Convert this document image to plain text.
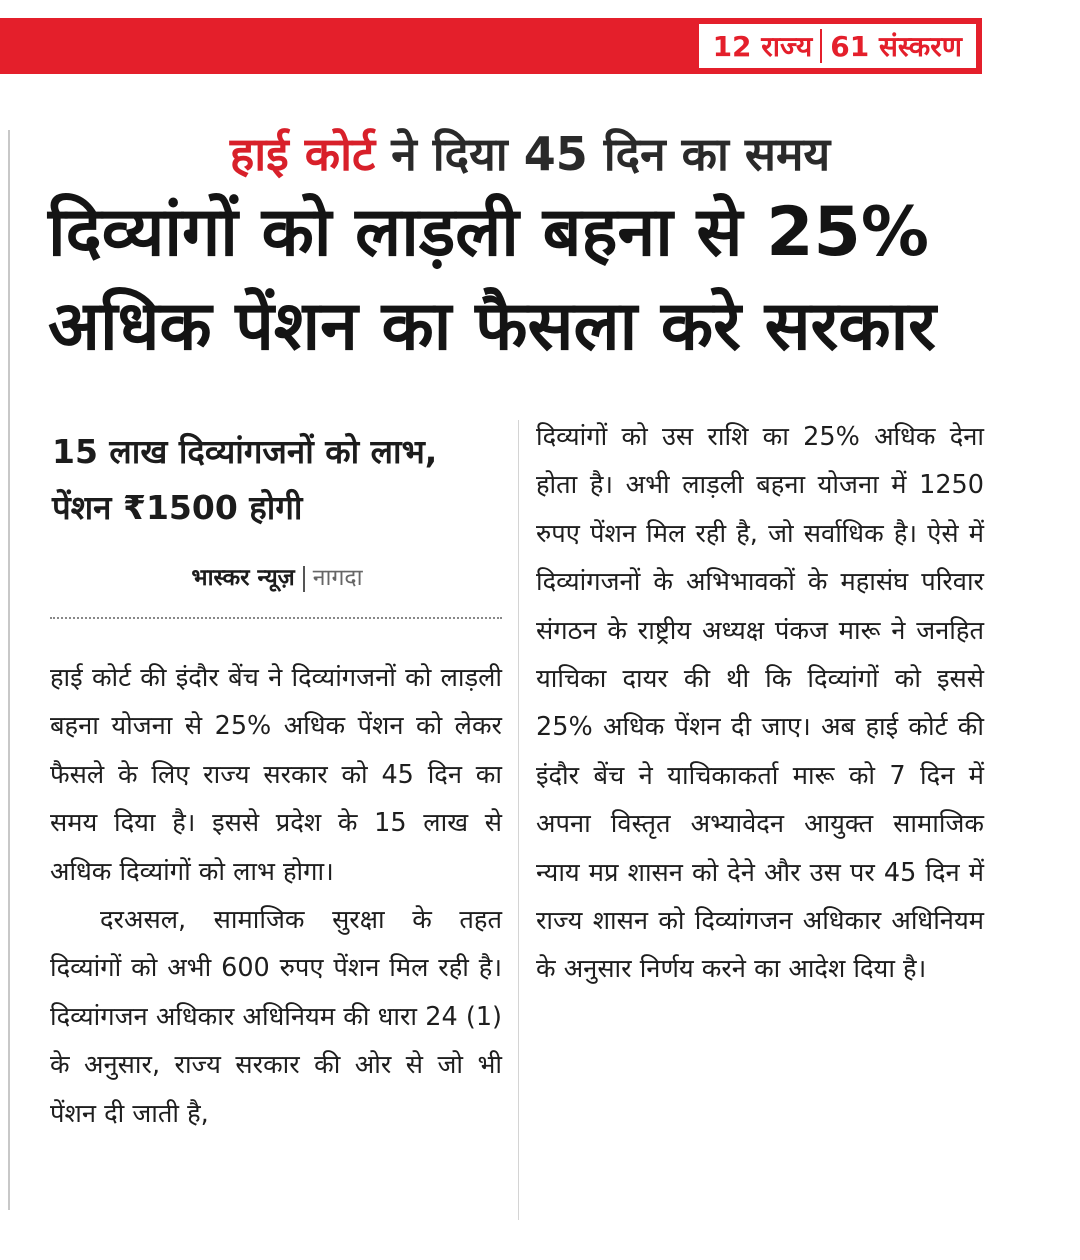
12 राज्य 61 संस्करण
हाई कोर्ट ने दिया 45 दिन का समय
दिव्यांगों को लाड़ली बहना से 25%
अधिक पेंशन का फैसला करे सरकार
15 लाख दिव्यांगजनों को लाभ, पेंशन ₹1500 होगी
भास्कर न्यूज़ नागदा

हाई कोर्ट की इंदौर बेंच ने दिव्यांगजनों को लाड़ली बहना योजना से 25% अधिक पेंशन को लेकर फैसले के लिए राज्य सरकार को 45 दिन का समय दिया है। इससे प्रदेश के 15 लाख से अधिक दिव्यांगों को लाभ होगा।

दरअसल, सामाजिक सुरक्षा के तहत दिव्यांगों को अभी 600 रुपए पेंशन मिल रही है। दिव्यांगजन अधिकार अधिनियम की धारा 24 (1) के अनुसार, राज्य सरकार की ओर से जो भी पेंशन दी जाती है,

दिव्यांगों को उस राशि का 25% अधिक देना होता है। अभी लाड़ली बहना योजना में 1250 रुपए पेंशन मिल रही है, जो सर्वाधिक है। ऐसे में दिव्यांगजनों के अभिभावकों के महासंघ परिवार संगठन के राष्ट्रीय अध्यक्ष पंकज मारू ने जनहित याचिका दायर की थी कि दिव्यांगों को इससे 25% अधिक पेंशन दी जाए। अब हाई कोर्ट की इंदौर बेंच ने याचिकाकर्ता मारू को 7 दिन में अपना विस्तृत अभ्यावेदन आयुक्त सामाजिक न्याय मप्र शासन को देने और उस पर 45 दिन में राज्य शासन को दिव्यांगजन अधिकार अधिनियम के अनुसार निर्णय करने का आदेश दिया है।
